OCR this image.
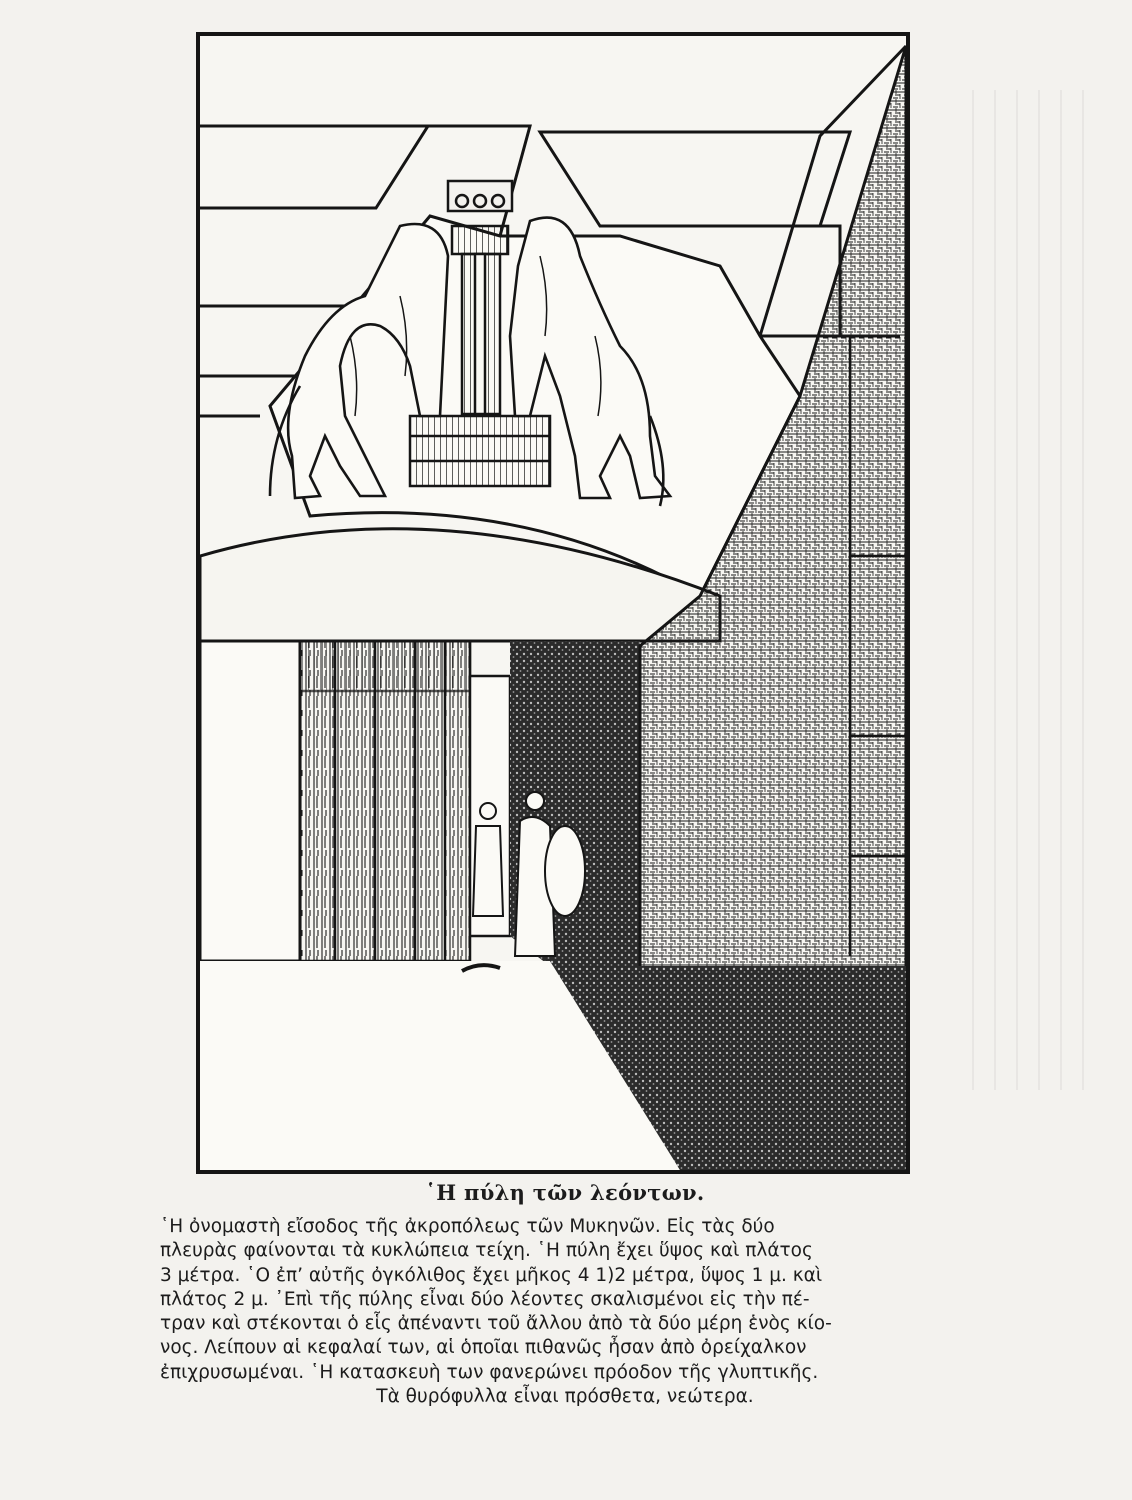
῾Η πύλη τῶν λεόντων.
῾Η ὀνομαστὴ εἴσοδος τῆς ἀκροπόλεως τῶν Μυκηνῶν. Εἰς τὰς δύο
πλευρὰς φαίνονται τὰ κυκλώπεια τείχη. ῾Η πύλη ἔχει ὕψος καὶ πλάτος
3 μέτρα. ῾Ο ἐπ’ αὐτῆς ὀγκόλιθος ἔχει μῆκος 4 1)2 μέτρα, ὕψος 1 μ. καὶ
πλάτος 2 μ. ᾿Επὶ τῆς πύλης εἶναι δύο λέοντες σκαλισμένοι εἰς τὴν πέ-
τραν καὶ στέκονται ὁ εἷς ἀπέναντι τοῦ ἄλλου ἀπὸ τὰ δύο μέρη ἑνὸς κίο-
νος. Λείπουν αἱ κεφαλαί των, αἱ ὁποῖαι πιθανῶς ἦσαν ἀπὸ ὀρείχαλκον
ἐπιχρυσωμέναι. ῾Η κατασκευὴ των φανερώνει πρόοδον τῆς γλυπτικῆς.
Τὰ θυρόφυλλα εἶναι πρόσθετα, νεώτερα.
